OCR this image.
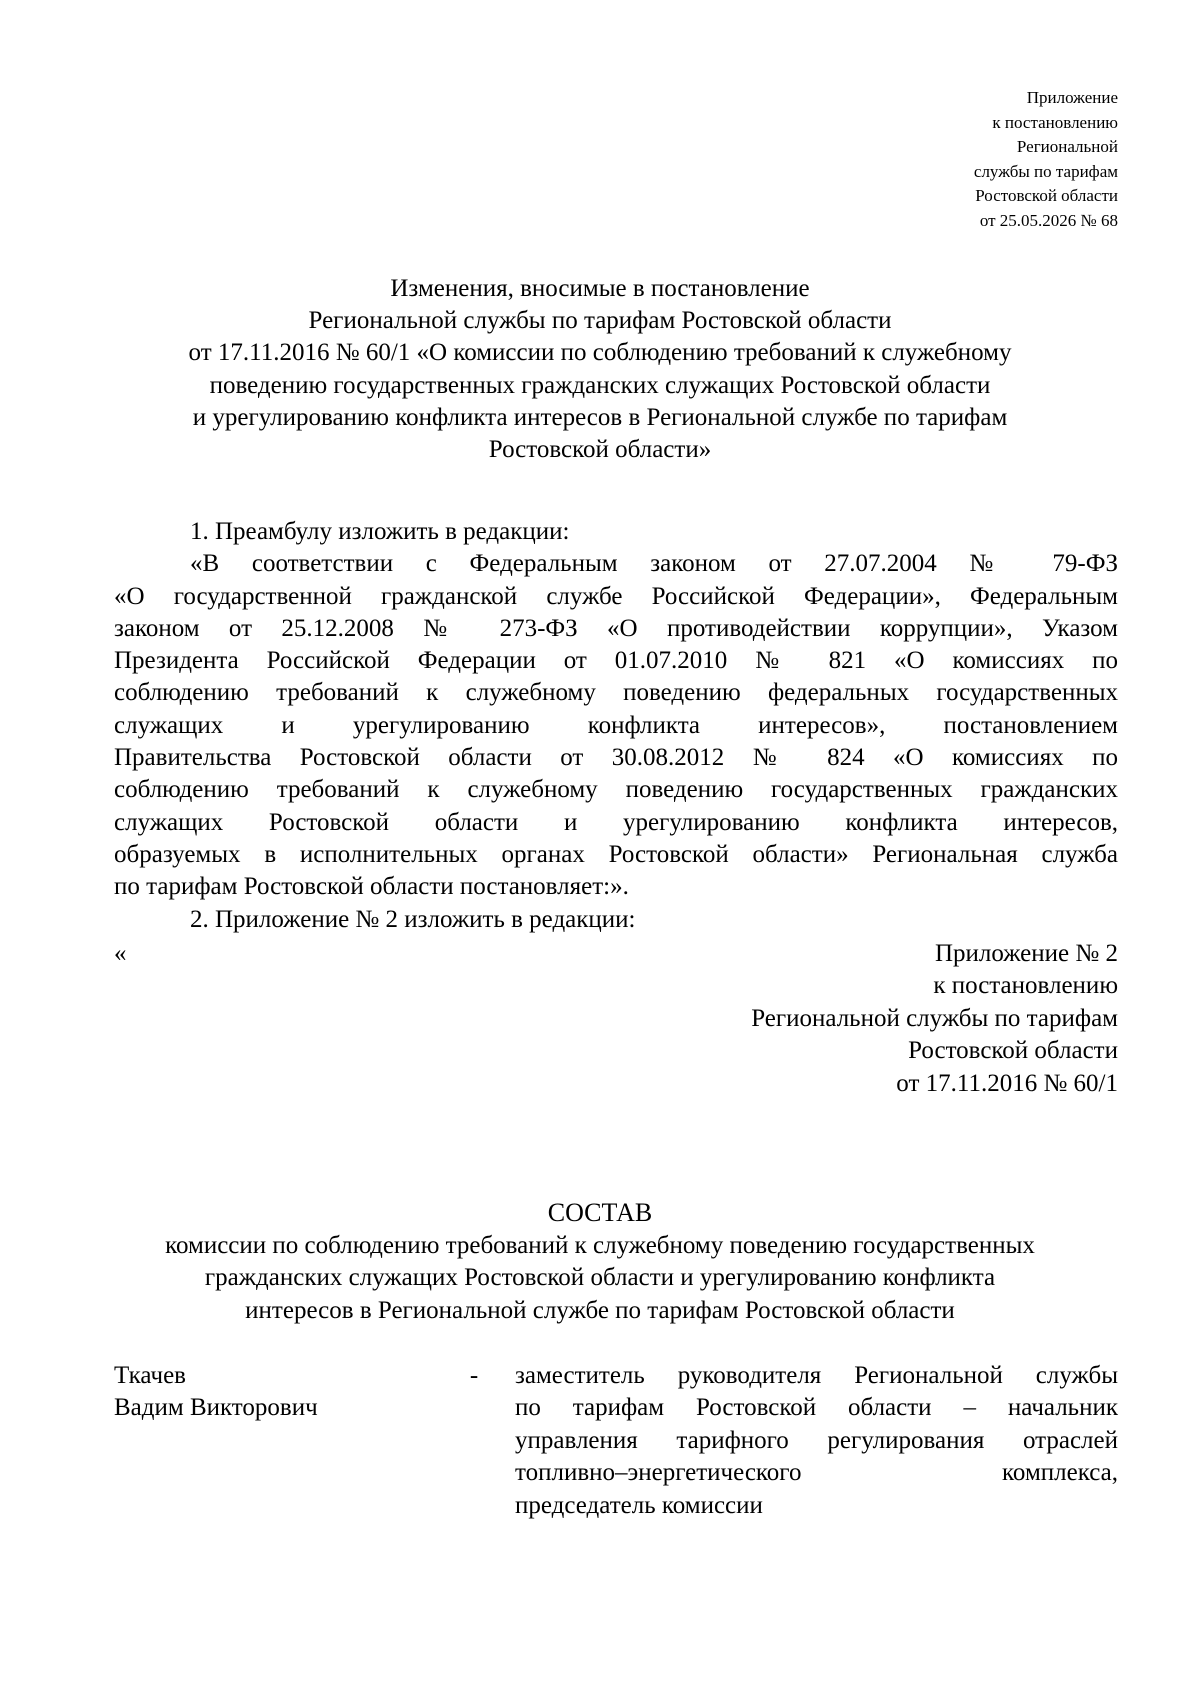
Приложение
к постановлению
Региональной
службы по тарифам
Ростовской области
от 25.05.2026 № 68
Изменения, вносимые в постановление
Региональной службы по тарифам Ростовской области
от 17.11.2016 № 60/1 «О комиссии по соблюдению требований к служебному
поведению государственных гражданских служащих Ростовской области
и урегулированию конфликта интересов в Региональной службе по тарифам
Ростовской области»

1. Преамбулу изложить в редакции:

«В соответствии с Федеральным законом от 27.07.2004 № 79-ФЗ
«О государственной гражданской службе Российской Федерации», Федеральным
законом от 25.12.2008 № 273-ФЗ «О противодействии коррупции», Указом
Президента Российской Федерации от 01.07.2010 № 821 «О комиссиях по
соблюдению требований к служебному поведению федеральных государственных
служащих и урегулированию конфликта интересов», постановлением
Правительства Ростовской области от 30.08.2012 № 824 «О комиссиях по
соблюдению требований к служебному поведению государственных гражданских
служащих Ростовской области и урегулированию конфликта интересов,
образуемых в исполнительных органах Ростовской области» Региональная служба
по тарифам Ростовской области постановляет:».

2. Приложение № 2 изложить в редакции:

«	Приложение № 2
к постановлению
Региональной службы по тарифам
Ростовской области
от 17.11.2016 № 60/1
СОСТАВ
комиссии по соблюдению требований к служебному поведению государственных
гражданских служащих Ростовской области и урегулированию конфликта
интересов в Региональной службе по тарифам Ростовской области
Ткачев
Вадим Викторович
- заместитель руководителя Региональной службы
по тарифам Ростовской области – начальник
управления тарифного регулирования отраслей
топливно–энергетического комплекса,
председатель комиссии
